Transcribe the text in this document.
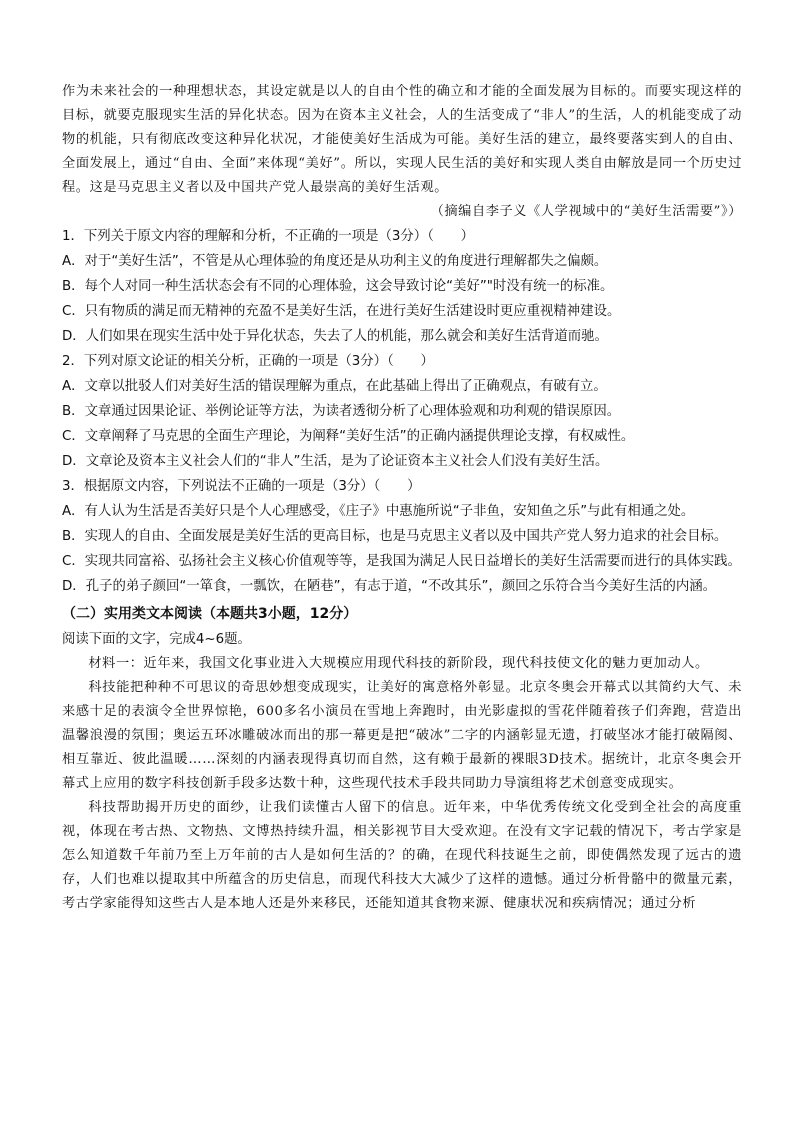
作为未来社会的一种理想状态，其设定就是以人的自由个性的确立和才能的全面发展为目标的。而要实现这样的目标，就要克服现实生活的异化状态。因为在资本主义社会，人的生活变成了“非人”的生活，人的机能变成了动物的机能，只有彻底改变这种异化状况，才能使美好生活成为可能。美好生活的建立，最终要落实到人的自由、全面发展上，通过“自由、全面”来体现“美好”。所以，实现人民生活的美好和实现人类自由解放是同一个历史过程。这是马克思主义者以及中国共产党人最崇高的美好生活观。

（摘编自李子义《人学视域中的“美好生活需要”》）

1．下列关于原文内容的理解和分析，不正确的一项是（3分）（　　）

A．对于“美好生活”，不管是从心理体验的角度还是从功利主义的角度进行理解都失之偏颇。

B．每个人对同一种生活状态会有不同的心理体验，这会导致讨论“美好”"时没有统一的标准。

C．只有物质的满足而无精神的充盈不是美好生活，在进行美好生活建设时更应重视精神建设。

D．人们如果在现实生活中处于异化状态，失去了人的机能，那么就会和美好生活背道而驰。

2．下列对原文论证的相关分析，正确的一项是（3分）（　　）

A．文章以批驳人们对美好生活的错误理解为重点，在此基础上得出了正确观点，有破有立。

B．文章通过因果论证、举例论证等方法，为读者透彻分析了心理体验观和功利观的错误原因。

C．文章阐释了马克思的全面生产理论，为阐释“美好生活”的正确内涵提供理论支撑，有权威性。

D．文章论及资本主义社会人们的“非人”生活，是为了论证资本主义社会人们没有美好生活。

3．根据原文内容，下列说法不正确的一项是（3分）（　　）

A．有人认为生活是否美好只是个人心理感受，《庄子》中惠施所说“子非鱼，安知鱼之乐”与此有相通之处。

B．实现人的自由、全面发展是美好生活的更高目标，也是马克思主义者以及中国共产党人努力追求的社会目标。

C．实现共同富裕、弘扬社会主义核心价值观等等，是我国为满足人民日益增长的美好生活需要而进行的具体实践。

D．孔子的弟子颜回“一箪食，一瓢饮，在陋巷”，有志于道，“不改其乐”，颜回之乐符合当今美好生活的内涵。

（二）实用类文本阅读（本题共3小题，12分）

阅读下面的文字，完成4~6题。

材料一：近年来，我国文化事业进入大规模应用现代科技的新阶段，现代科技使文化的魅力更加动人。

科技能把种种不可思议的奇思妙想变成现实，让美好的寓意格外彰显。北京冬奥会开幕式以其简约大气、未来感十足的表演令全世界惊艳，600多名小演员在雪地上奔跑时，由光影虚拟的雪花伴随着孩子们奔跑，营造出温馨浪漫的氛围；奥运五环冰雕破冰而出的那一幕更是把“破冰”二字的内涵彰显无遗，打破坚冰才能打破隔阂、相互靠近、彼此温暖……深刻的内涵表现得真切而自然，这有赖于最新的裸眼3D技术。据统计，北京冬奥会开幕式上应用的数字科技创新手段多达数十种，这些现代技术手段共同助力导演组将艺术创意变成现实。

科技帮助揭开历史的面纱，让我们读懂古人留下的信息。近年来，中华优秀传统文化受到全社会的高度重视，体现在考古热、文物热、文博热持续升温，相关影视节目大受欢迎。在没有文字记载的情况下，考古学家是怎么知道数千年前乃至上万年前的古人是如何生活的？的确，在现代科技诞生之前，即使偶然发现了远古的遗存，人们也难以提取其中所蕴含的历史信息，而现代科技大大减少了这样的遗憾。通过分析骨骼中的微量元素，考古学家能得知这些古人是本地人还是外来移民，还能知道其食物来源、健康状况和疾病情况；通过分析
